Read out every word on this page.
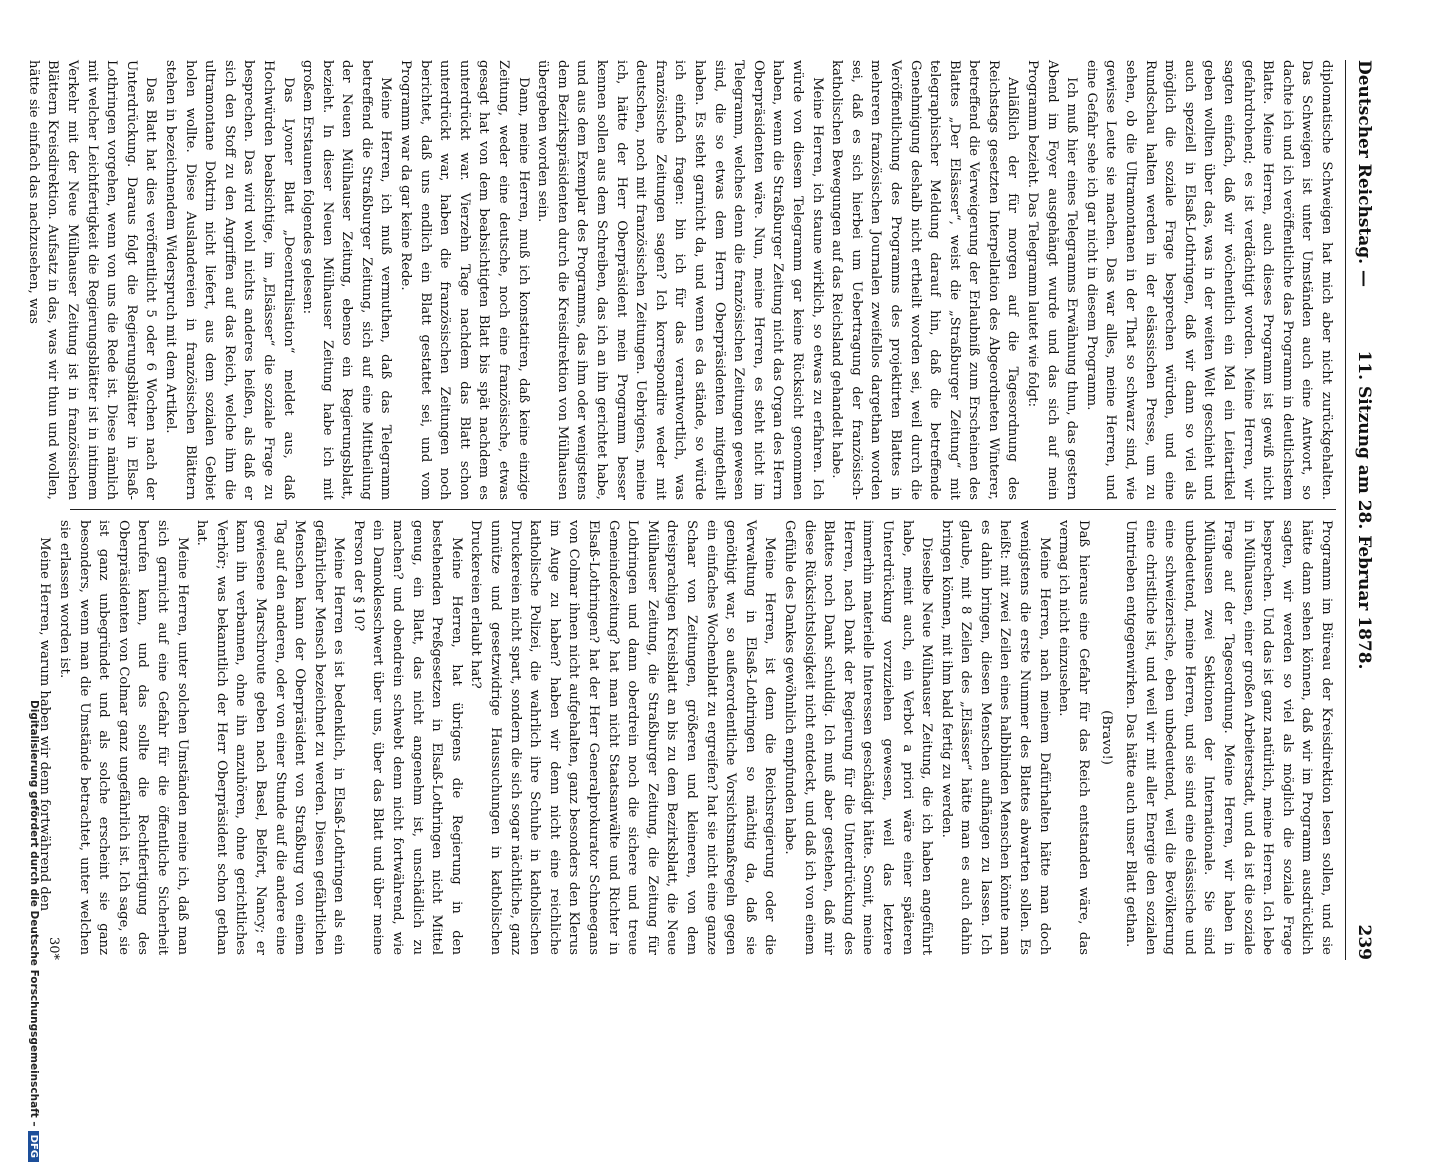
Deutscher Reichstag. —
11. Sitzung am 28. Februar 1878.
239

diplomatische Schweigen hat mich aber nicht zurückgehalten. Das Schweigen ist unter Umständen auch eine Antwort, so dachte ich und ich veröffentlichte das Programm in deutlichstem Blatte. Meine Herren, auch dieses Programm ist gewiß nicht gefahrdrohend; es ist verdächtigt worden. Meine Herren, wir sagten einfach, daß wir wöchentlich ein Mal ein Leitartikel geben wollten über das, was in der weiten Welt geschieht und auch speziell in Elsaß-Lothringen, daß wir dann so viel als möglich die soziale Frage besprechen würden, und eine Rundschau halten werden in der elsässischen Presse, um zu sehen, ob die Ultramontanen in der That so schwarz sind, wie gewisse Leute sie machen. Das war alles, meine Herren, und eine Gefahr sehe ich gar nicht in diesem Programm.

Ich muß hier eines Telegramms Erwähnung thun, das gestern Abend im Foyer ausgehängt wurde und das sich auf mein Programm bezieht. Das Telegramm lautet wie folgt:

Anläßlich der für morgen auf die Tagesordnung des Reichstags gesetzten Interpellation des Abgeordneten Winterer, betreffend die Verweigerung der Erlaubniß zum Erscheinen des Blattes „Der Elsässer“, weist die „Straßburger Zeitung“ mit telegraphischer Meldung darauf hin, daß die betreffende Genehmigung deshalb nicht ertheilt worden sei, weil durch die Veröffentlichung des Programms des projektirten Blattes in mehreren französischen Journalen zweifellos dargethan worden sei, daß es sich hierbei um Uebertragung der französisch-katholischen Bewegungen auf das Reichsland gehandelt habe.

Meine Herren, ich staune wirklich, so etwas zu erfahren. Ich würde von diesem Telegramm gar keine Rücksicht genommen haben, wenn die Straßburger Zeitung nicht das Organ des Herrn Oberpräsidenten wäre. Nun, meine Herren, es steht nicht im Telegramm, welches denn die französischen Zeitungen gewesen sind, die so etwas dem Herrn Oberpräsidenten mitgetheilt haben. Es steht garnicht da, und wenn es da stände, so würde ich einfach fragen: bin ich für das verantwortlich, was französische Zeitungen sagen? Ich korrespondire weder mit deutschen, noch mit französischen Zeitungen. Uebrigens, meine ich, hätte der Herr Oberpräsident mein Programm besser kennen sollen aus dem Schreiben, das ich an ihn gerichtet habe, und aus dem Exemplar des Programms, das ihm oder wenigstens dem Bezirkspräsidenten durch die Kreisdirektion von Mülhausen übergeben worden sein.

Dann, meine Herren, muß ich konstatiren, daß keine einzige Zeitung, weder eine deutsche, noch eine französische, etwas gesagt hat von dem beabsichtigten Blatt bis spät nachdem es unterdrückt war. Vierzehn Tage nachdem das Blatt schon unterdrückt war, haben die französischen Zeitungen noch berichtet, daß uns endlich ein Blatt gestattet sei, und vom Programm war da gar keine Rede.

Meine Herren, ich muß vermuthen, daß das Telegramm betreffend die Straßburger Zeitung, sich auf eine Mittheilung der Neuen Mülhauser Zeitung, ebenso ein Regierungsblatt, bezieht. In dieser Neuen Mülhauser Zeitung habe ich mit großem Erstaunen folgendes gelesen:

Das Lyoner Blatt „Decentralisation“ meldet aus, daß Hochwürden beabsichtige, im „Elsässer“ die soziale Frage zu besprechen. Das wird wohl nichts anderes heißen, als daß er sich den Stoff zu den Angriffen auf das Reich, welche ihm die ultramontane Doktrin nicht liefert, aus dem sozialen Gebiet holen wollte. Diese Auslandereien in französischen Blättern stehen in bezeichnendem Widerspruch mit dem Artikel.

Das Blatt hat dies veröffentlicht 5 oder 6 Wochen nach der Unterdrückung. Daraus folgt die Regierungsblätter in Elsaß-Lothringen vorgehen, wenn von uns die Rede ist. Diese nämlich mit welcher Leichtfertigkeit die Regierungsblätter ist in intimem Verkehr mit der Neue Mülhauser Zeitung ist in französischen Blättern Kreisdirektion. Aufsatz in das, was wir thun und wollen, hätte sie einfach das nachzusehen, was

Programm im Büreau der Kreisdirektion lesen sollen, und sie hätte dann sehen können, daß wir im Programm ausdrücklich sagten, wir werden so viel als möglich die soziale Frage besprechen. Und das ist ganz natürlich, meine Herren. Ich lebe in Mülhausen, einer großen Arbeiterstadt, und da ist die soziale Frage auf der Tagesordnung. Meine Herren, wir haben in Mülhausen zwei Sektionen der Internationale. Sie sind unbedeutend, meine Herren, und sie sind eine elsässische und eine schweizerische, eben unbedeutend, weil die Bevölkerung eine christliche ist, und weil wir mit aller Energie den sozialen Umtrieben entgegenwirken. Das hätte auch unser Blatt gethan.

(Bravo!)

Daß hieraus eine Gefahr für das Reich entstanden wäre, das vermag ich nicht einzusehen.

Meine Herren, nach meinem Dafürhalten hätte man doch wenigstens die erste Nummer des Blattes abwarten sollen. Es heißt: mit zwei Zeilen eines halbblinden Menschen könnte man es dahin bringen, diesen Menschen aufhängen zu lassen. Ich glaube, mit 8 Zeilen des „Elsässer“ hätte man es auch dahin bringen können, mit ihm bald fertig zu werden.

Dieselbe Neue Mülhauser Zeitung, die ich haben angeführt habe, meint auch, ein Verbot a priori wäre einer späteren Unterdrückung vorzuziehen gewesen, weil das letztere immerhin materielle Interessen geschädigt hätte. Somit, meine Herren, nach Dank der Regierung für die Unterdrückung des Blattes noch Dank schuldig. Ich muß aber gestehen, daß mir diese Rücksichtslosigkeit nicht entdeckt, und daß ich von einem Gefühle des Dankes gewöhnlich empfunden habe.

Meine Herren, ist denn die Reichsregierung oder die Verwaltung in Elsaß-Lothringen so mächtig da, daß sie genöthigt war, so außerordentliche Vorsichtsmaßregeln gegen ein einfaches Wochenblatt zu ergreifen? hat sie nicht eine ganze Schaar von Zeitungen, größeren und kleineren, von dem dreisprachigen Kreisblatt an bis zu dem Bezirksblatt, die Neue Mülhauser Zeitung, die Straßburger Zeitung, die Zeitung für Lothringen und dann oberdrein noch die sichere und treue Gemeindezeitung? hat man nicht Staatsanwälte und Richter in Elsaß-Lothringen? hat der Herr Generalprokurator Schneegans von Colmar ihnen nicht aufgehalten, ganz besonders den Klerus im Auge zu haben? haben wir denn nicht eine reichliche katholische Polizei, die wahrlich ihre Schuhe in katholischen Druckereien nicht spart, sondern die sich sogar nächtliche, ganz unnütze und gesetzwidrige Haussuchungen in katholischen Druckereien erlaubt hat?

Meine Herren, hat übrigens die Regierung in den bestehenden Preßgesetzen in Elsaß-Lothringen nicht Mittel genug, ein Blatt, das nicht angenehm ist, unschädlich zu machen? und obendrein schwebt denn nicht fortwährend, wie ein Damoklesschwert über uns, über das Blatt und über meine Person der § 10?

Meine Herren es ist bedenklich, in Elsaß-Lothringen als ein gefährlicher Mensch bezeichnet zu werden. Diesen gefährlichen Menschen kann der Oberpräsident von Straßburg von einem Tag auf den anderen, oder von einer Stunde auf die andere eine gewiesene Marschroute geben nach Basel, Belfort, Nancy; er kann ihn verbannen, ohne ihn anzuhören, ohne gerichtliches Verhör; was bekanntlich der Herr Oberpräsident schon gethan hat.

Meine Herren, unter solchen Umständen meine ich, daß man sich garnicht auf eine Gefahr für die öffentliche Sicherheit berufen kann, und das sollte die Rechtfertigung des Oberpräsidenten von Colmar ganz ungefährlich ist. Ich sage, sie ist ganz unbegründet und als solche erscheint sie ganz besonders, wenn man die Umstände betrachtet, unter welchen sie erlassen worden ist.

Meine Herren, warum haben wir denn fortwährend den

30*
Digitalisierung gefördert durch die Deutsche Forschungsgemeinschaft –DFG
